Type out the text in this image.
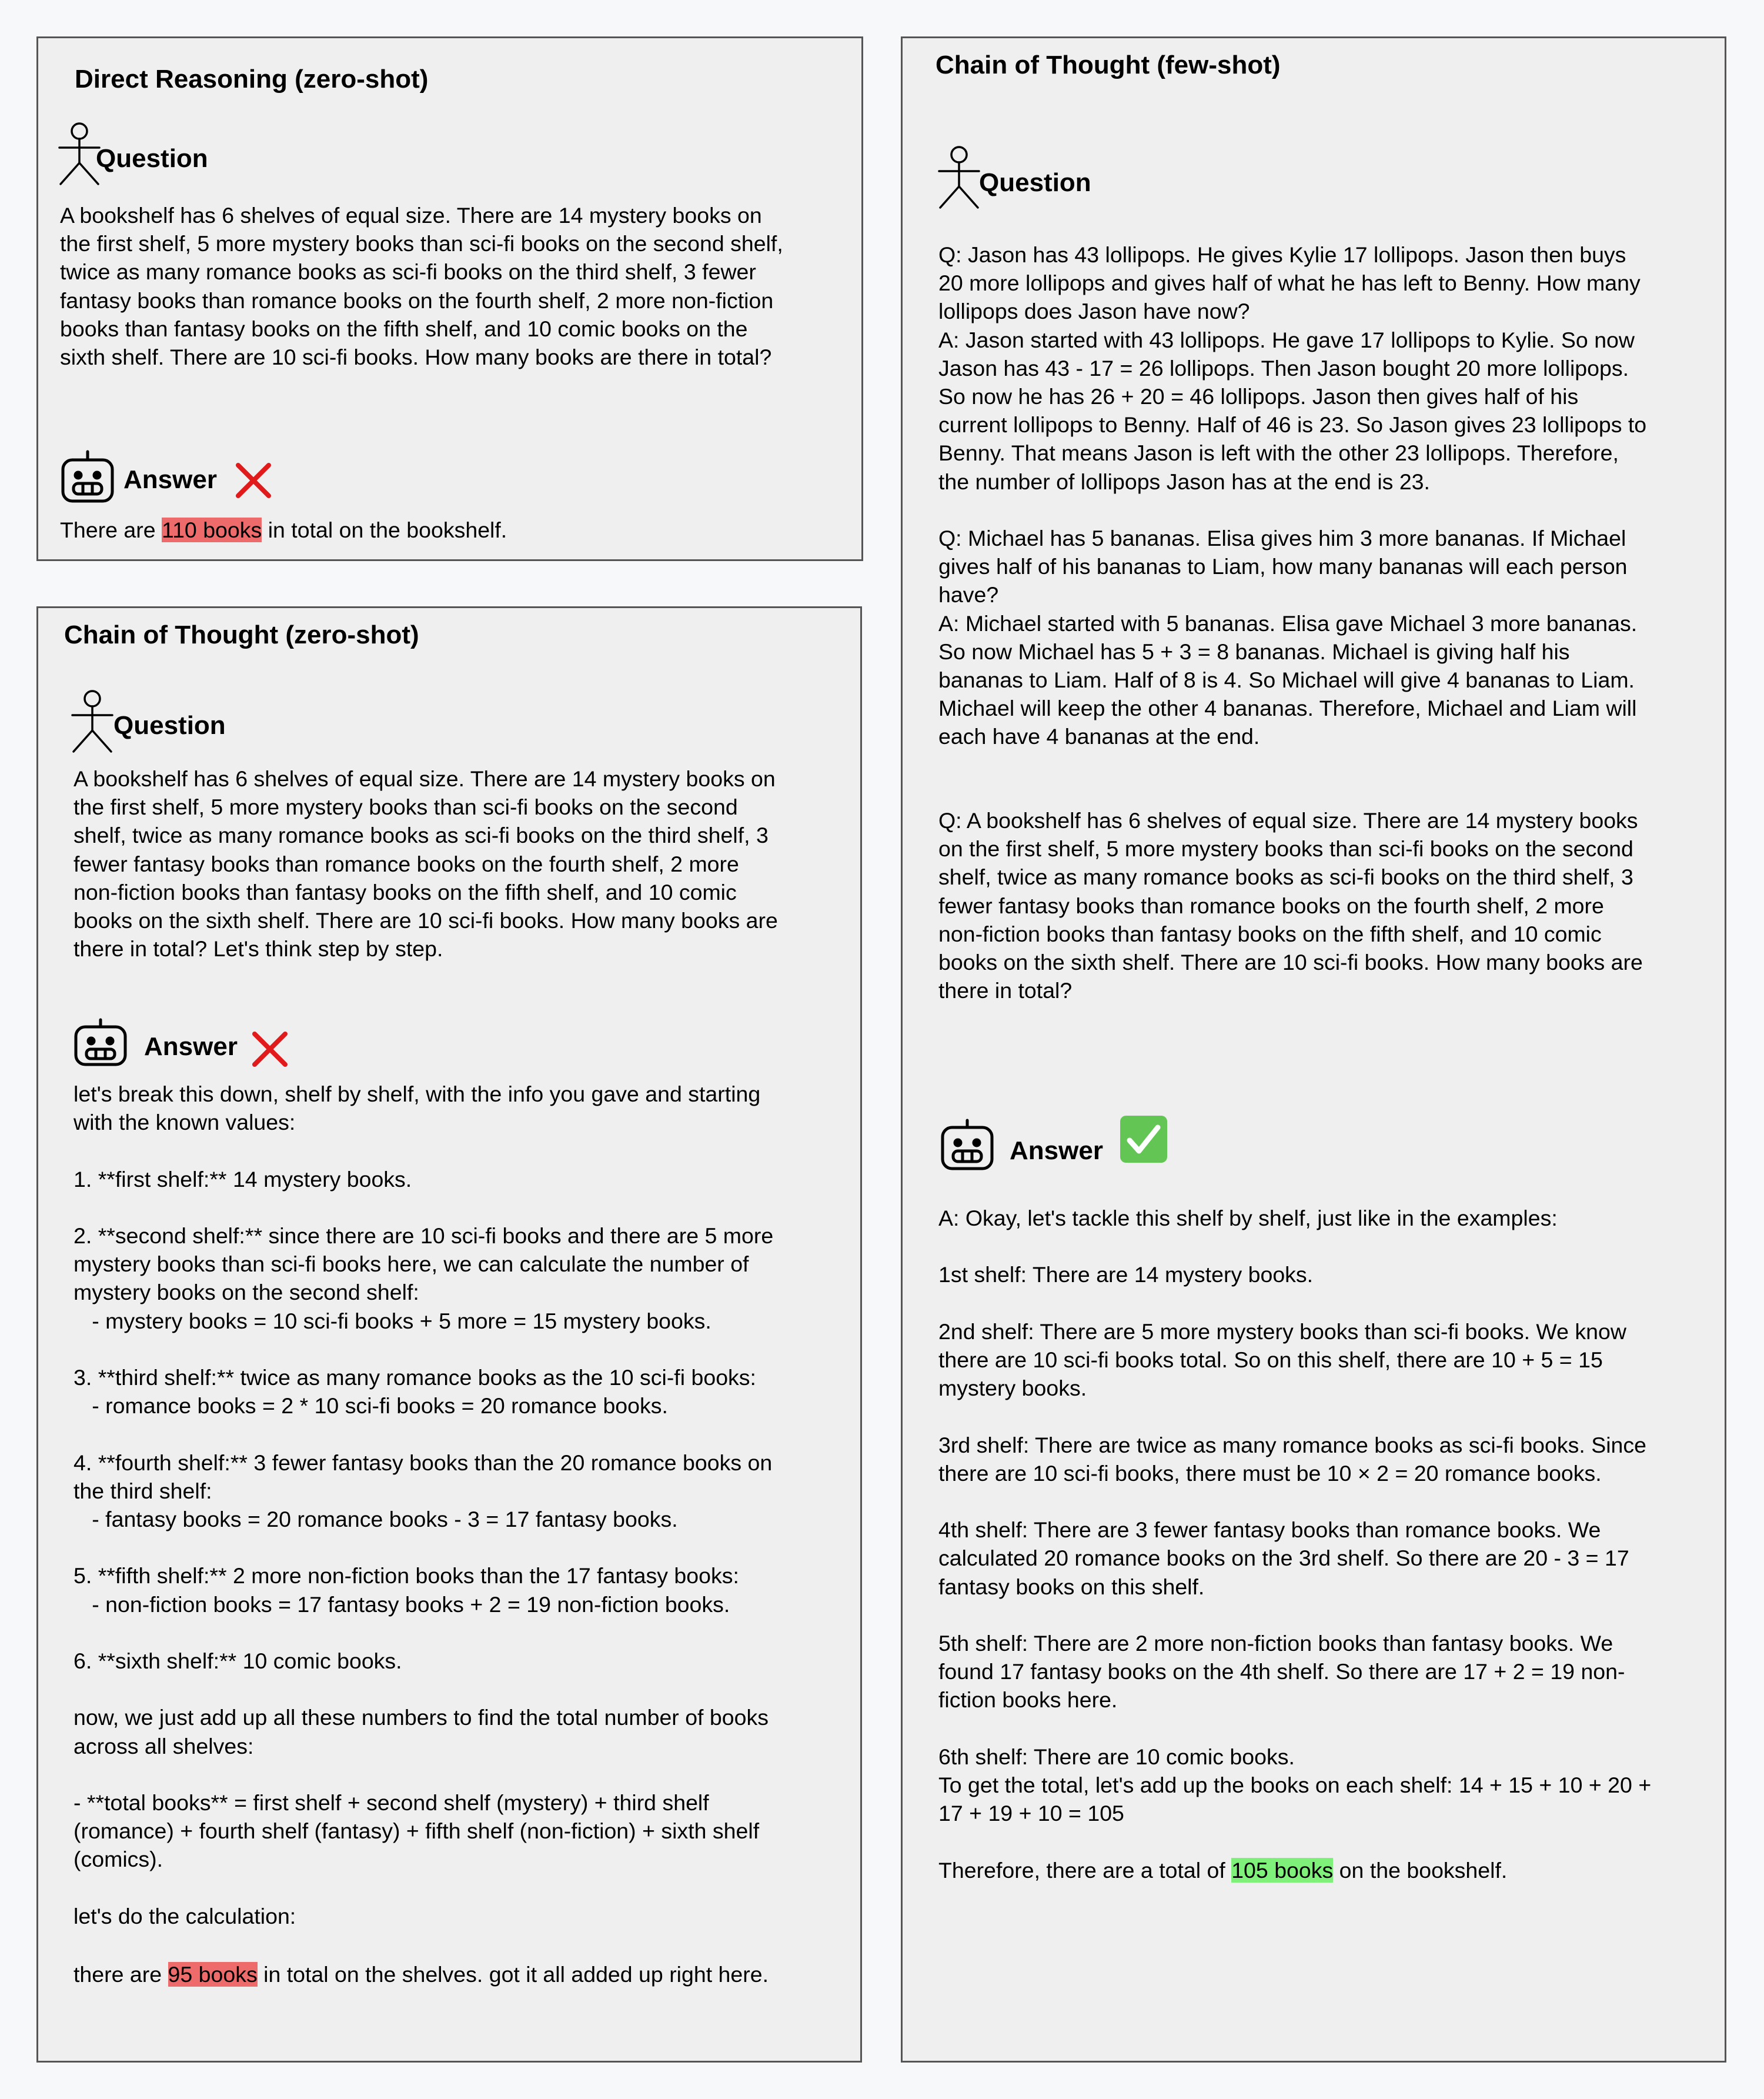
Direct Reasoning (zero-shot)
Question
A bookshelf has 6 shelves of equal size. There are 14 mystery books on
the first shelf, 5 more mystery books than sci-fi books on the second shelf,
twice as many romance books as sci-fi books on the third shelf, 3 fewer
fantasy books than romance books on the fourth shelf, 2 more non-fiction
books than fantasy books on the fifth shelf, and 10 comic books on the
sixth shelf. There are 10 sci-fi books. How many books are there in total?
Answer
There are 110 books in total on the bookshelf.
Chain of Thought (zero-shot)
Question
A bookshelf has 6 shelves of equal size. There are 14 mystery books on
the first shelf, 5 more mystery books than sci-fi books on the second
shelf, twice as many romance books as sci-fi books on the third shelf, 3
fewer fantasy books than romance books on the fourth shelf, 2 more
non-fiction books than fantasy books on the fifth shelf, and 10 comic
books on the sixth shelf. There are 10 sci-fi books. How many books are
there in total? Let's think step by step.
Answer
let's break this down, shelf by shelf, with the info you gave and starting
with the known values:

1. **first shelf:** 14 mystery books.

2. **second shelf:** since there are 10 sci-fi books and there are 5 more
mystery books than sci-fi books here, we can calculate the number of
mystery books on the second shelf:
- mystery books = 10 sci-fi books + 5 more = 15 mystery books.

3. **third shelf:** twice as many romance books as the 10 sci-fi books:
- romance books = 2 * 10 sci-fi books = 20 romance books.

4. **fourth shelf:** 3 fewer fantasy books than the 20 romance books on
the third shelf:
- fantasy books = 20 romance books - 3 = 17 fantasy books.

5. **fifth shelf:** 2 more non-fiction books than the 17 fantasy books:
- non-fiction books = 17 fantasy books + 2 = 19 non-fiction books.

6. **sixth shelf:** 10 comic books.

now, we just add up all these numbers to find the total number of books
across all shelves:

- **total books** = first shelf + second shelf (mystery) + third shelf
(romance) + fourth shelf (fantasy) + fifth shelf (non-fiction) + sixth shelf
(comics).

let's do the calculation:
there are 95 books in total on the shelves. got it all added up right here.
Chain of Thought (few-shot)
Question
Q: Jason has 43 lollipops. He gives Kylie 17 lollipops. Jason then buys
20 more lollipops and gives half of what he has left to Benny. How many
lollipops does Jason have now?
A: Jason started with 43 lollipops. He gave 17 lollipops to Kylie. So now
Jason has 43 - 17 = 26 lollipops. Then Jason bought 20 more lollipops.
So now he has 26 + 20 = 46 lollipops. Jason then gives half of his
current lollipops to Benny. Half of 46 is 23. So Jason gives 23 lollipops to
Benny. That means Jason is left with the other 23 lollipops. Therefore,
the number of lollipops Jason has at the end is 23.

Q: Michael has 5 bananas. Elisa gives him 3 more bananas. If Michael
gives half of his bananas to Liam, how many bananas will each person
have?
A: Michael started with 5 bananas. Elisa gave Michael 3 more bananas.
So now Michael has 5 + 3 = 8 bananas. Michael is giving half his
bananas to Liam. Half of 8 is 4. So Michael will give 4 bananas to Liam.
Michael will keep the other 4 bananas. Therefore, Michael and Liam will
each have 4 bananas at the end.
Q: A bookshelf has 6 shelves of equal size. There are 14 mystery books
on the first shelf, 5 more mystery books than sci-fi books on the second
shelf, twice as many romance books as sci-fi books on the third shelf, 3
fewer fantasy books than romance books on the fourth shelf, 2 more
non-fiction books than fantasy books on the fifth shelf, and 10 comic
books on the sixth shelf. There are 10 sci-fi books. How many books are
there in total?
Answer
A: Okay, let's tackle this shelf by shelf, just like in the examples:

1st shelf: There are 14 mystery books.

2nd shelf: There are 5 more mystery books than sci-fi books. We know
there are 10 sci-fi books total. So on this shelf, there are 10 + 5 = 15
mystery books.

3rd shelf: There are twice as many romance books as sci-fi books. Since
there are 10 sci-fi books, there must be 10 × 2 = 20 romance books.

4th shelf: There are 3 fewer fantasy books than romance books. We
calculated 20 romance books on the 3rd shelf. So there are 20 - 3 = 17
fantasy books on this shelf.

5th shelf: There are 2 more non-fiction books than fantasy books. We
found 17 fantasy books on the 4th shelf. So there are 17 + 2 = 19 non-
fiction books here.

6th shelf: There are 10 comic books.
To get the total, let's add up the books on each shelf: 14 + 15 + 10 + 20 +
17 + 19 + 10 = 105
Therefore, there are a total of 105 books on the bookshelf.
